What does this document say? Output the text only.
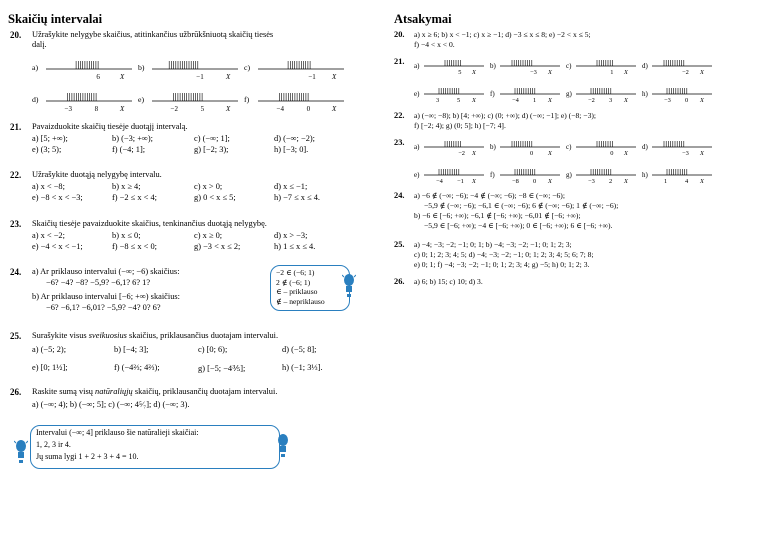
Skaičių intervalai
20. Užrašykite nelygybe skaičius, atitinkančius užbrūkšniuotą skaičių tiesės
dalį.
a)
6	X
b)
−1	X
c)
−1 X
d)
−3	8	X
e)
−2	5	X
f)
−4	0	X
21. Pavaizduokite skaičių tiesėje duotąjį intervalą.
a) [5; +∞);	b) (−3; +∞);	c) (−∞; 1];	d) (−∞; −2);
e) (3; 5);	f) (−4; 1];	g) [−2; 3);	h) [−3; 0].
22. Užrašykite duotąją nelygybę intervalu.
a) x < −8;	b) x ≥ 4;	c) x > 0;	d) x ≤ −1;
e) −8 < x < −3;	f) −2 ≤ x < 4;	g) 0 < x ≤ 5;	h) −7 ≤ x ≤ 4.
23. Skaičių tiesėje pavaizduokite skaičius, tenkinančius duotąją nelygybę.
a) x < −2;	b) x ≤ 0;	c) x ≥ 0;	d) x > −3;
e) −4 < x < −1;	f) −8 ≤ x < 0;	g) −3 < x ≤ 2;	h) 1 ≤ x ≤ 4.
24. a) Ar priklauso intervalui (−∞; −6) skaičius:
−6? −4? −8? −5,9? −6,1? 6? 1?
b) Ar priklauso intervalui [−6; +∞) skaičius:
−6? −6,1? −6,01? −5,9? −4? 0? 6?
−2 ∈ (−6; 1)
2 ∉ (−6; 1)
∈ – priklauso
∉ – nepriklauso
25. Surašykite visus sveikuosius skaičius, priklausančius duotajam intervalui.
a) (−5; 2);	b) [−4; 3];	c) [0; 6);	d) (−5; 8];
e) [0; 1½];	f) (−4⅔; 4⅔);	g) [−5; −4⅗];	h) (−1; 3⅓].
26. Raskite sumą visų natūraliųjų skaičių, priklausančių duotajam intervalui.
a) (−∞; 4); b) (−∞; 5]; c) (−∞; 4⁵⁄₇]; d) (−∞; 3).
Intervalui (−∞; 4] priklauso šie natūralieji skaičiai:
1, 2, 3 ir 4.
Jų suma lygi 1 + 2 + 3 + 4 = 10.
Atsakymai
20. a) x ≥ 6; b) x < −1; c) x ≥ −1; d) −3 ≤ x ≤ 8; e) −2 < x ≤ 5;
f) −4 < x < 0.
21. a)
5 X
b)
−3 X
c)
1 X
d)
−2 X
e)
3	5 X
f)
−4 1 X
g)
−2 3 X
h)
−3 0 X
22. a) (−∞; −8); b) [4; +∞); c) (0; +∞); d) (−∞; −1]; e) (−8; −3);
f) [−2; 4); g) (0; 5]; h) [−7; 4].
23. a)
−2 X
b)
0 X
c)
0 X
d)
−3 X
e)
−4 −1 X
f)
−8 0 X
g)
−3 2 X
h)
1	4 X
24. a) −6 ∉ (−∞; −6); −4 ∉ (−∞; −6); −8 ∈ (−∞; −6);
−5,9 ∉ (−∞; −6); −6,1 ∈ (−∞; −6); 6 ∉ (−∞; −6); 1 ∉ (−∞; −6);
b) −6 ∈ [−6; +∞); −6,1 ∉ [−6; +∞); −6,01 ∉ [−6; +∞);
−5,9 ∈ [−6; +∞); −4 ∈ [−6; +∞); 0 ∈ [−6; +∞); 6 ∈ [−6; +∞).
25. a) −4; −3; −2; −1; 0; 1; b) −4; −3; −2; −1; 0; 1; 2; 3;
c) 0; 1; 2; 3; 4; 5; d) −4; −3; −2; −1; 0; 1; 2; 3; 4; 5; 6; 7; 8;
e) 0; 1; f) −4; −3; −2; −1; 0; 1; 2; 3; 4; g) −5; h) 0; 1; 2; 3.
26. a) 6; b) 15; c) 10; d) 3.
